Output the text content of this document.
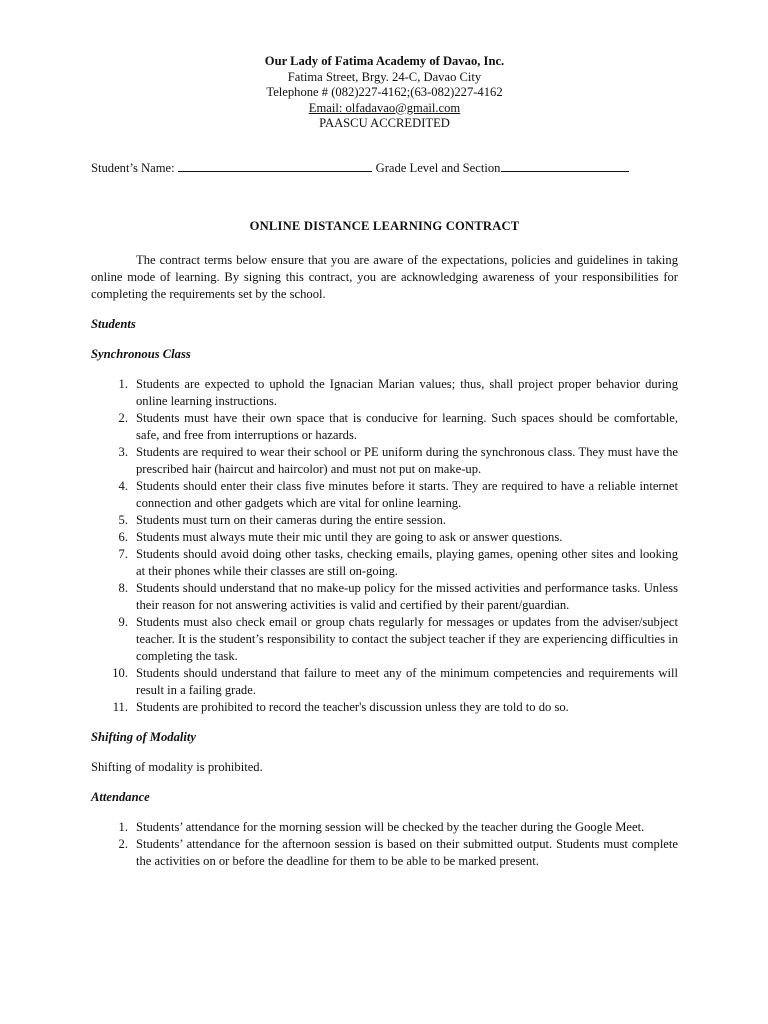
Our Lady of Fatima Academy of Davao, Inc.
Fatima Street, Brgy. 24-C, Davao City
Telephone # (082)227-4162;(63-082)227-4162
Email: olfadavao@gmail.com
PAASCU ACCREDITED
Student’s Name:	Grade Level and Section
ONLINE DISTANCE LEARNING CONTRACT
The contract terms below ensure that you are aware of the expectations, policies and guidelines in taking online mode of learning. By signing this contract, you are acknowledging awareness of your responsibilities for completing the requirements set by the school.
Students
Synchronous Class
1. Students are expected to uphold the Ignacian Marian values; thus, shall project proper behavior during online learning instructions.
2. Students must have their own space that is conducive for learning. Such spaces should be comfortable, safe, and free from interruptions or hazards.
3. Students are required to wear their school or PE uniform during the synchronous class. They must have the prescribed hair (haircut and haircolor) and must not put on make-up.
4. Students should enter their class five minutes before it starts. They are required to have a reliable internet connection and other gadgets which are vital for online learning.
5. Students must turn on their cameras during the entire session.
6. Students must always mute their mic until they are going to ask or answer questions.
7. Students should avoid doing other tasks, checking emails, playing games, opening other sites and looking at their phones while their classes are still on-going.
8. Students should understand that no make-up policy for the missed activities and performance tasks. Unless their reason for not answering activities is valid and certified by their parent/guardian.
9. Students must also check email or group chats regularly for messages or updates from the adviser/subject teacher. It is the student’s responsibility to contact the subject teacher if they are experiencing difficulties in completing the task.
10. Students should understand that failure to meet any of the minimum competencies and requirements will result in a failing grade.
11. Students are prohibited to record the teacher's discussion unless they are told to do so.
Shifting of Modality
Shifting of modality is prohibited.
Attendance
1. Students’ attendance for the morning session will be checked by the teacher during the Google Meet.
2. Students’ attendance for the afternoon session is based on their submitted output. Students must complete the activities on or before the deadline for them to be able to be marked present.
